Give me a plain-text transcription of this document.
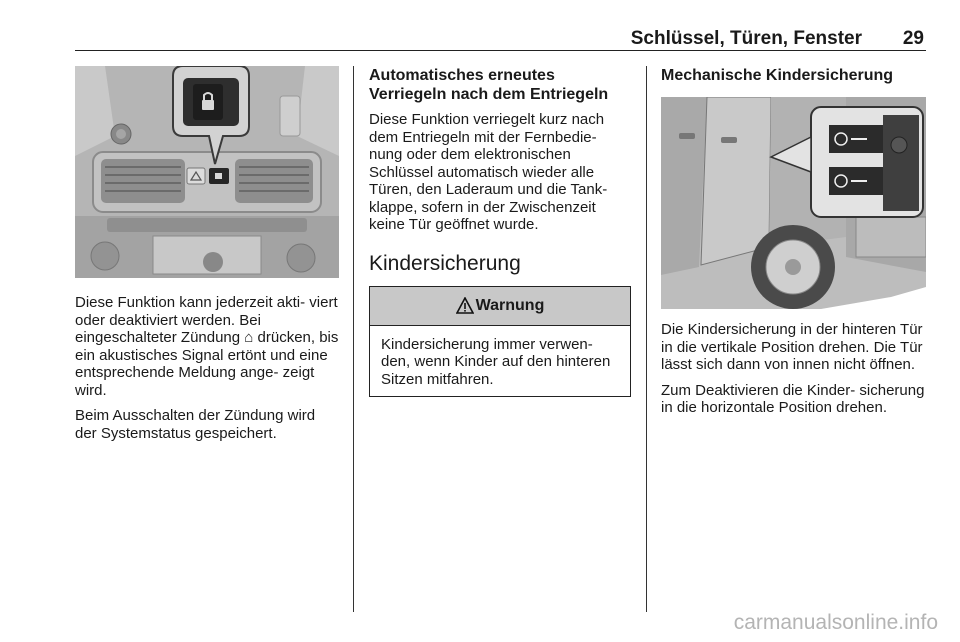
Schlüssel, Türen, Fenster 29

Diese Funktion kann jederzeit akti- viert oder deaktiviert werden. Bei eingeschalteter Zündung ⌂ drücken, bis ein akustisches Signal ertönt und eine entsprechende Meldung ange- zeigt wird.

Beim Ausschalten der Zündung wird der Systemstatus gespeichert.

Automatisches erneutes Verriegeln nach dem Entriegeln

Diese Funktion verriegelt kurz nach dem Entriegeln mit der Fernbedie- nung oder dem elektronischen Schlüssel automatisch wieder alle Türen, den Laderaum und die Tank- klappe, sofern in der Zwischenzeit keine Tür geöffnet wurde.

Kindersicherung
Warnung

Kindersicherung immer verwen- den, wenn Kinder auf den hinteren Sitzen mitfahren.

Mechanische Kindersicherung

Die Kindersicherung in der hinteren Tür in die vertikale Position drehen. Die Tür lässt sich dann von innen nicht öffnen.

Zum Deaktivieren die Kinder- sicherung in die horizontale Position drehen.

carmanualsonline.info
